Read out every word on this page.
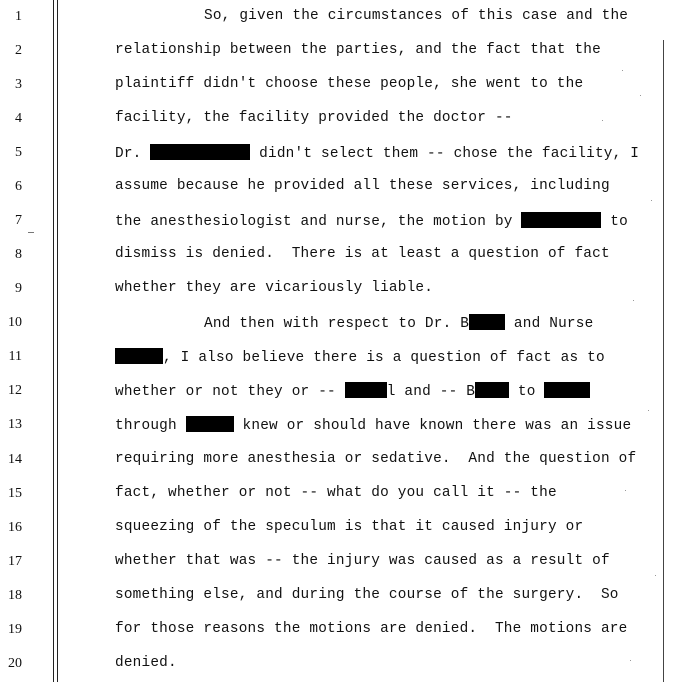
1
2
3
4
5
6
7
8
9
10
11
12
13
14
15
16
17
18
19
20
So, given the circumstances of this case and the
relationship between the parties, and the fact that the
plaintiff didn't choose these people, she went to the
facility, the facility provided the doctor --
Dr.	didn't select them -- chose the facility, I
assume because he provided all these services, including
the anesthesiologist and nurse, the motion by	to
dismiss is denied.  There is at least a question of fact
whether they are vicariously liable.
And then with respect to Dr. B	and Nurse
, I also believe there is a question of fact as to
whether or not they or --	l and -- B to
through	knew or should have known there was an issue
requiring more anesthesia or sedative.  And the question of
fact, whether or not -- what do you call it -- the
squeezing of the speculum is that it caused injury or
whether that was -- the injury was caused as a result of
something else, and during the course of the surgery.  So
for those reasons the motions are denied.  The motions are
denied.
